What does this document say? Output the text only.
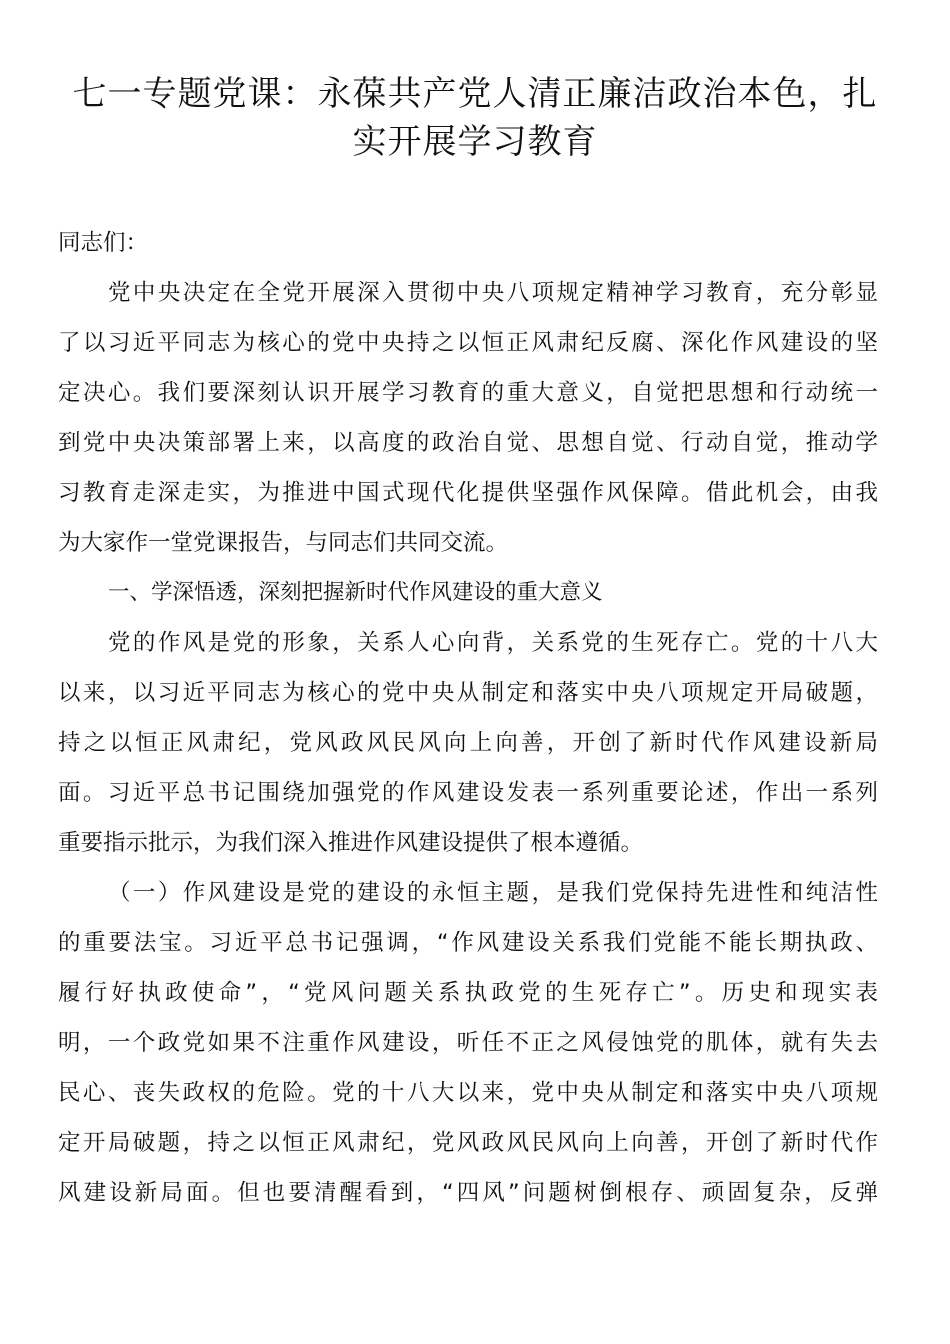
七一专题党课：永葆共产党人清正廉洁政治本色，扎
实开展学习教育
同志们：
党中央决定在全党开展深入贯彻中央八项规定精神学习教育，充分彰显
了以习近平同志为核心的党中央持之以恒正风肃纪反腐、深化作风建设的坚
定决心。我们要深刻认识开展学习教育的重大意义，自觉把思想和行动统一
到党中央决策部署上来，以高度的政治自觉、思想自觉、行动自觉，推动学
习教育走深走实，为推进中国式现代化提供坚强作风保障。借此机会，由我
为大家作一堂党课报告，与同志们共同交流。
一、学深悟透，深刻把握新时代作风建设的重大意义
党的作风是党的形象，关系人心向背，关系党的生死存亡。党的十八大
以来，以习近平同志为核心的党中央从制定和落实中央八项规定开局破题，
持之以恒正风肃纪，党风政风民风向上向善，开创了新时代作风建设新局
面。习近平总书记围绕加强党的作风建设发表一系列重要论述，作出一系列
重要指示批示，为我们深入推进作风建设提供了根本遵循。
（一）作风建设是党的建设的永恒主题，是我们党保持先进性和纯洁性
的重要法宝。习近平总书记强调，“作风建设关系我们党能不能长期执政、
履行好执政使命”，“党风问题关系执政党的生死存亡”。历史和现实表
明，一个政党如果不注重作风建设，听任不正之风侵蚀党的肌体，就有失去
民心、丧失政权的危险。党的十八大以来，党中央从制定和落实中央八项规
定开局破题，持之以恒正风肃纪，党风政风民风向上向善，开创了新时代作
风建设新局面。但也要清醒看到，“四风”问题树倒根存、顽固复杂，反弹
